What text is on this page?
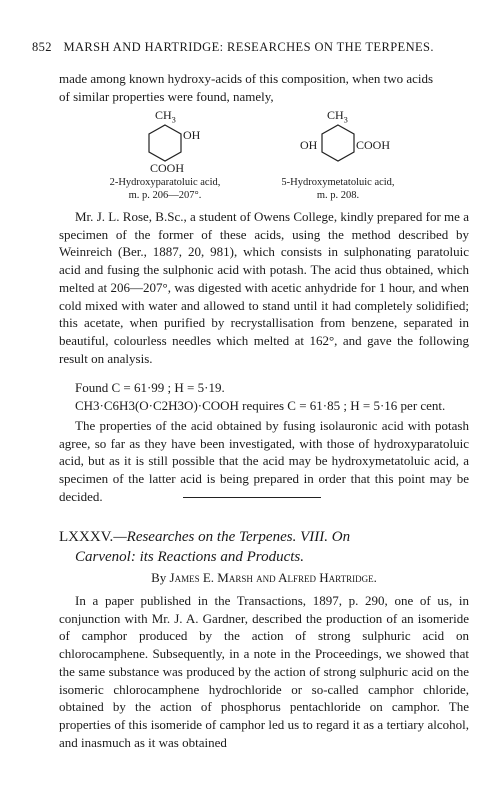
852 MARSH AND HARTRIDGE: RESEARCHES ON THE TERPENES.

made among known hydroxy-acids of this composition, when two acids

of similar properties were found, namely,

$CH_3$
OH
COOH
$CH_3$
OH	COOH
2-Hydroxyparatoluic acid,	5-Hydroxymetatoluic acid,
m. p. 206—207°.	m. p. 208.

Mr. J. L. Rose, B.Sc., a student of Owens College, kindly prepared for me a specimen of the former of these acids, using the method described by Weinreich (Ber., 1887, 20, 981), which consists in sulphonating paratoluic acid and fusing the sulphonic acid with potash. The acid thus obtained, which melted at 206—207°, was digested with acetic anhydride for 1 hour, and when cold mixed with water and allowed to stand until it had completely solidified; this acetate, when purified by recrystallisation from benzene, separated in beautiful, colourless needles which melted at 162°, and gave the following result on analysis.

Found C = 61·99 ; H = 5·19.

CH3·C6H3(O·C2H3O)·COOH requires C = 61·85 ; H = 5·16 per cent.

The properties of the acid obtained by fusing isolauronic acid with potash agree, so far as they have been investigated, with those of hydroxyparatoluic acid, but as it is still possible that the acid may be hydroxymetatoluic acid, a specimen of the latter acid is being prepared in order that this point may be decided.

LXXXV.—Researches on the Terpenes. VIII. On
Carvenol: its Reactions and Products.
By James E. Marsh and Alfred Hartridge.

In a paper published in the Transactions, 1897, p. 290, one of us, in conjunction with Mr. J. A. Gardner, described the production of an isomeride of camphor produced by the action of strong sulphuric acid on chlorocamphene. Subsequently, in a note in the Proceedings, we showed that the same substance was produced by the action of strong sulphuric acid on the isomeric chlorocamphene hydrochloride or so-called camphor chloride, obtained by the action of phosphorus pentachloride on camphor. The properties of this isomeride of camphor led us to regard it as a tertiary alcohol, and inasmuch as it was obtained
